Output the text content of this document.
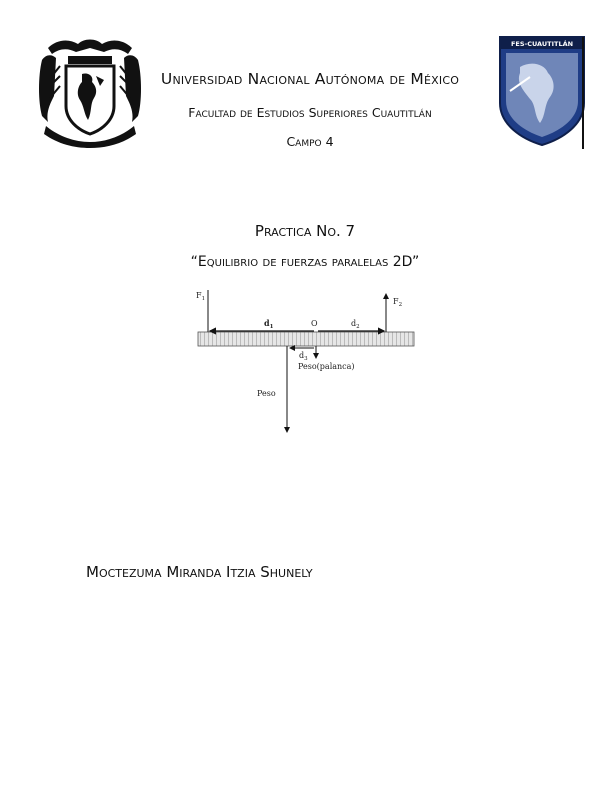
FES-CUAUTITLÁN
Universidad Nacional Autónoma de México
Facultad de Estudios Superiores Cuautitlán
Campo 4
Practica No. 7
“Equilibrio de fuerzas paralelas 2D”
$F_1$	$F_2$
$d_1$	O	$d_2$
$d_3$
Peso(palanca)
Peso
Moctezuma Miranda Itzia Shunely
